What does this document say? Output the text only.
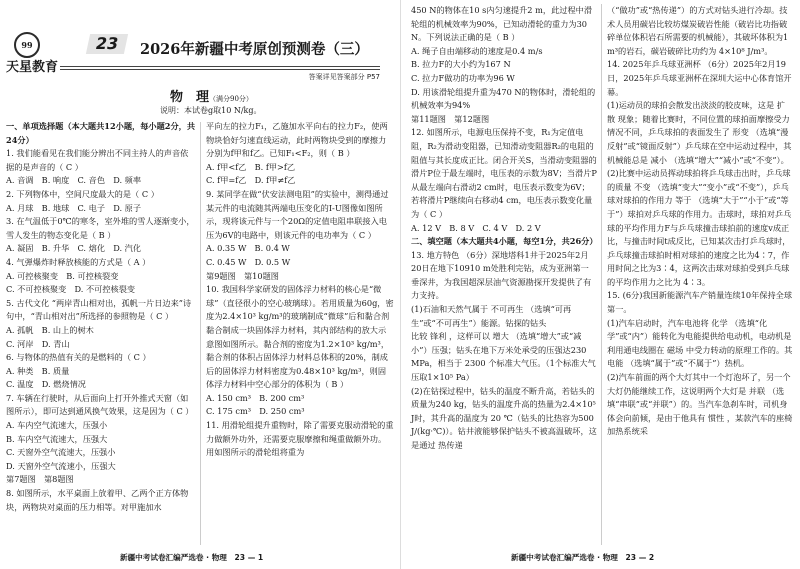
99
天星教育
23	2026年新疆中考原创预测卷（三）
答案详见答案部分 P57
物　理（满分90分）
说明：本试卷g取10 N/kg。

一、单项选择题（本大题共12小题，每小题2分，共24分）

1. 我们能看见在我们能分辨出不同主持人的声音依据的是声音的（ C ）

A. 音调　B. 响度　C. 音色　D. 频率

2. 下列物体中，空间尺度最大的是（ C ）

A. 月球　B. 地球　C. 电子　D. 原子

3. 在气温低于0℃的寒冬，室外堆的雪人逐渐变小，雪人发生的物态变化是（ B ）

A. 凝固　B. 升华　C. 熔化　D. 汽化

4. 气弹爆炸时释放核能的方式是（ A ）

A. 可控核聚变　B. 可控核裂变

C. 不可控核聚变　D. 不可控核裂变

5. 古代文化 “两岸青山相对出，孤帆一片日边来”诗句中，“青山相对出”所选择的参照物是（ C ）

A. 孤帆　B. 山上的树木

C. 河岸　D. 青山

6. 与物体的热值有关的是燃料的（ C ）

A. 种类　B. 质量

C. 温度　D. 燃烧情况

7. 车辆在行驶时，从后面向上打开外推式天窗（如图所示），即可达到通风换气效果，这是因为（ C ）

A. 车内空气流速大，压强小

B. 车内空气流速大，压强大

C. 天窗外空气流速大，压强小

D. 天窗外空气流速小，压强大

第7题图　第8题图

8. 如图所示，水平桌面上放着甲、乙两个正方体物块，两物块对桌面的压力相等。对甲施加水

平向左的拉力F₁，乙施加水平向右的拉力F₂，使两物块恰好匀速直线运动，此时两物块受到的摩擦力分别为f甲和f乙。已知F₁<F₂，则（ B ）

A. f甲<f乙　B. f甲>f乙

C. f甲=f乙　D. f甲≠f乙

9. 某同学在做“伏安法测电阻”的实验中，测得通过某元件的电流随其两端电压变化的I-U图像如图所示，现将该元件与一个20Ω的定值电阻串联接入电压为6V的电路中，则该元件的电功率为（ C ）

A. 0.35 W　B. 0.4 W

C. 0.45 W　D. 0.5 W

第9题图　第10题图

10. 我国科学家研发的固体浮力材料的核心是“微球”（直径很小的空心玻璃球）。若用质量为60g，密度为2.4×10³ kg/m³的玻璃制成“微球”后和黏合剂黏合制成一块固体浮力材料，其内部结构的放大示意图如图所示。黏合剂的密度为1.2×10³ kg/m³，黏合剂的体积占固体浮力材料总体积的20%，制成后的固体浮力材料密度为0.48×10³ kg/m³，则固体浮力材料中空心部分的体积为（ B ）

A. 150 cm³　B. 200 cm³

C. 175 cm³　D. 250 cm³

11. 用滑轮组提升重物时，除了需要克服动滑轮的重力做额外功外，还需要克服摩擦和绳重做额外功。用如图所示的滑轮组将重为

新疆中考试卷汇编严选卷 · 物理　 23 — 1

450 N的物体在10 s内匀速提升2 m，此过程中滑轮组的机械效率为90%，已知动滑轮的重力为30 N。下列说法正确的是（ B ）

A. 绳子自由端移动的速度是0.4 m/s

B. 拉力F的大小约为167 N

C. 拉力F做功的功率为96 W

D. 用该滑轮组提升重为470 N的物体时，滑轮组的机械效率为94%

第11题图　第12题图

12. 如图所示，电源电压保持不变，R₁为定值电阻，R₂为滑动变阻器，已知滑动变阻器R₂的电阻的阻值与其长度成正比。闭合开关S，当滑动变阻器的滑片P位于最左端时，电压表的示数为8V；当滑片P从最左端向右滑动2 cm时，电压表示数变为6V；若将滑片P继续向右移动4 cm，电压表示数变化量为（ C ）

A. 12 V　B. 8 V　C. 4 V　D. 2 V

二、填空题（本大题共4小题，每空1分，共26分）

13. 地方特色 （6分）深地塔科1井于2025年2月20日在地下10910 m处胜利完钻，成为亚洲第一垂深井，为我国超深层油气资源勘探开发提供了有力支持。

(1)石油和天然气属于 不可再生 （选填“可再生”或“不可再生”）能源。钻探的钻头

比较 锋利 ，这样可以 增大 （选填“增大”或“减小”）压强；钻头在地下万米处承受的压强达230 MPa，相当于 2300 个标准大气压。（1个标准大气压取1×10⁵ Pa）

(2)在钻探过程中，钻头的温度不断升高，若钻头的质量为240 kg，钻头的温度升高的热量为2.4×10⁵ J时，其升高的温度为 20 ℃（钻头的比热容为500 J/(kg·℃)）。钻井液能够保护钻头不被高温破坏，这是通过 热传递

（“做功”或“热传递”）的方式对钻头进行冷却。技术人员用碳岩比较坊煤炭破岩性能（破岩比功指破碎单位体积岩石所需要的机械能），其破坏体积为1 m³的岩石，碳岩破碎比功约为 4×10⁸ J/m³。

14. 2025年乒乓球亚洲杯 （6分）2025年2月19日，2025年乒乓球亚洲杯在深圳大运中心体育馆开幕。

(1)运动员的球拍会散发出淡淡的胶皮味，这是 扩散 现象；随着比赛时，不同位置的球拍面摩擦受力情况不同，乒乓球拍的表面发生了 形变 （选填“漫反射”或“镜面反射”）乒乓球在空中运动过程中，其机械能总是 减小 （选填“增大”“减小”或“不变”）。

(2)比赛中运动员挥动球拍将乒乓球击出时，乒乓球的质量 不变 （选填“变大”“变小”或“不变”），乒乓球对球拍的作用力 等于 （选填“大于”“小于”或“等于”）球拍对乒乓球的作用力。击球时，球拍对乒乓球的平均作用力F与乒乓球撞击球拍前的速度v成正比，与撞击时间t成反比，已知某次击打乒乓球时，乒乓球撞击球拍时相对球拍的速度之比为4∶7，作用时间之比为3∶4，这两次击球对球拍受到乒乓球的平均作用力之比为 4∶3。

15. (6分)我国新能源汽车产销量连续10年保持全球第一。

(1)汽车启动时，汽车电池将 化学 （选填“化学”或“内”）能转化为电能提供给电动机，电动机是利用通电线圈在 磁场 中受力转动的原理工作的。其 电能 （选填“属于”或“不属于”）热机。

(2)汽车前面的两个大灯其中一个灯泡坏了，另一个大灯仍能继续工作，这说明两个大灯是 并联 （选填“串联”或“并联”）的。当汽车急刹车时，司机身体会向前倾，是由于他具有 惯性 ，某款汽车的座椅加热系统采

新疆中考试卷汇编严选卷 · 物理　 23 — 2
